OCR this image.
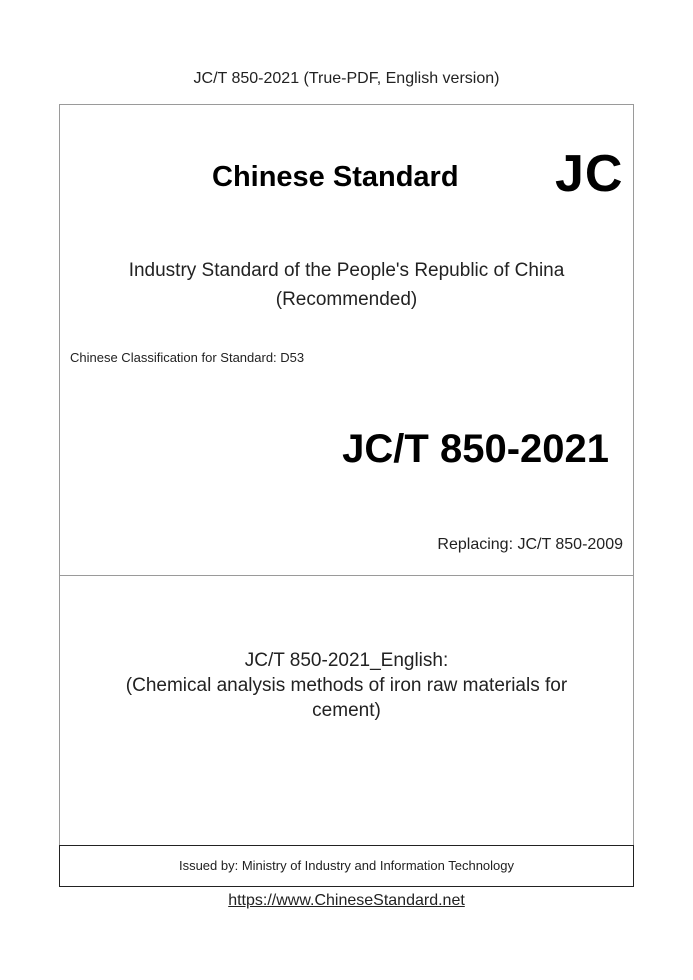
JC/T 850-2021 (True-PDF, English version)
Chinese Standard JC
Industry Standard of the People's Republic of China
(Recommended)
Chinese Classification for Standard: D53
JC/T 850-2021
Replacing: JC/T 850-2009
JC/T 850-2021_English:
(Chemical analysis methods of iron raw materials for
cement)
Issued by: Ministry of Industry and Information Technology
https://www.ChineseStandard.net
